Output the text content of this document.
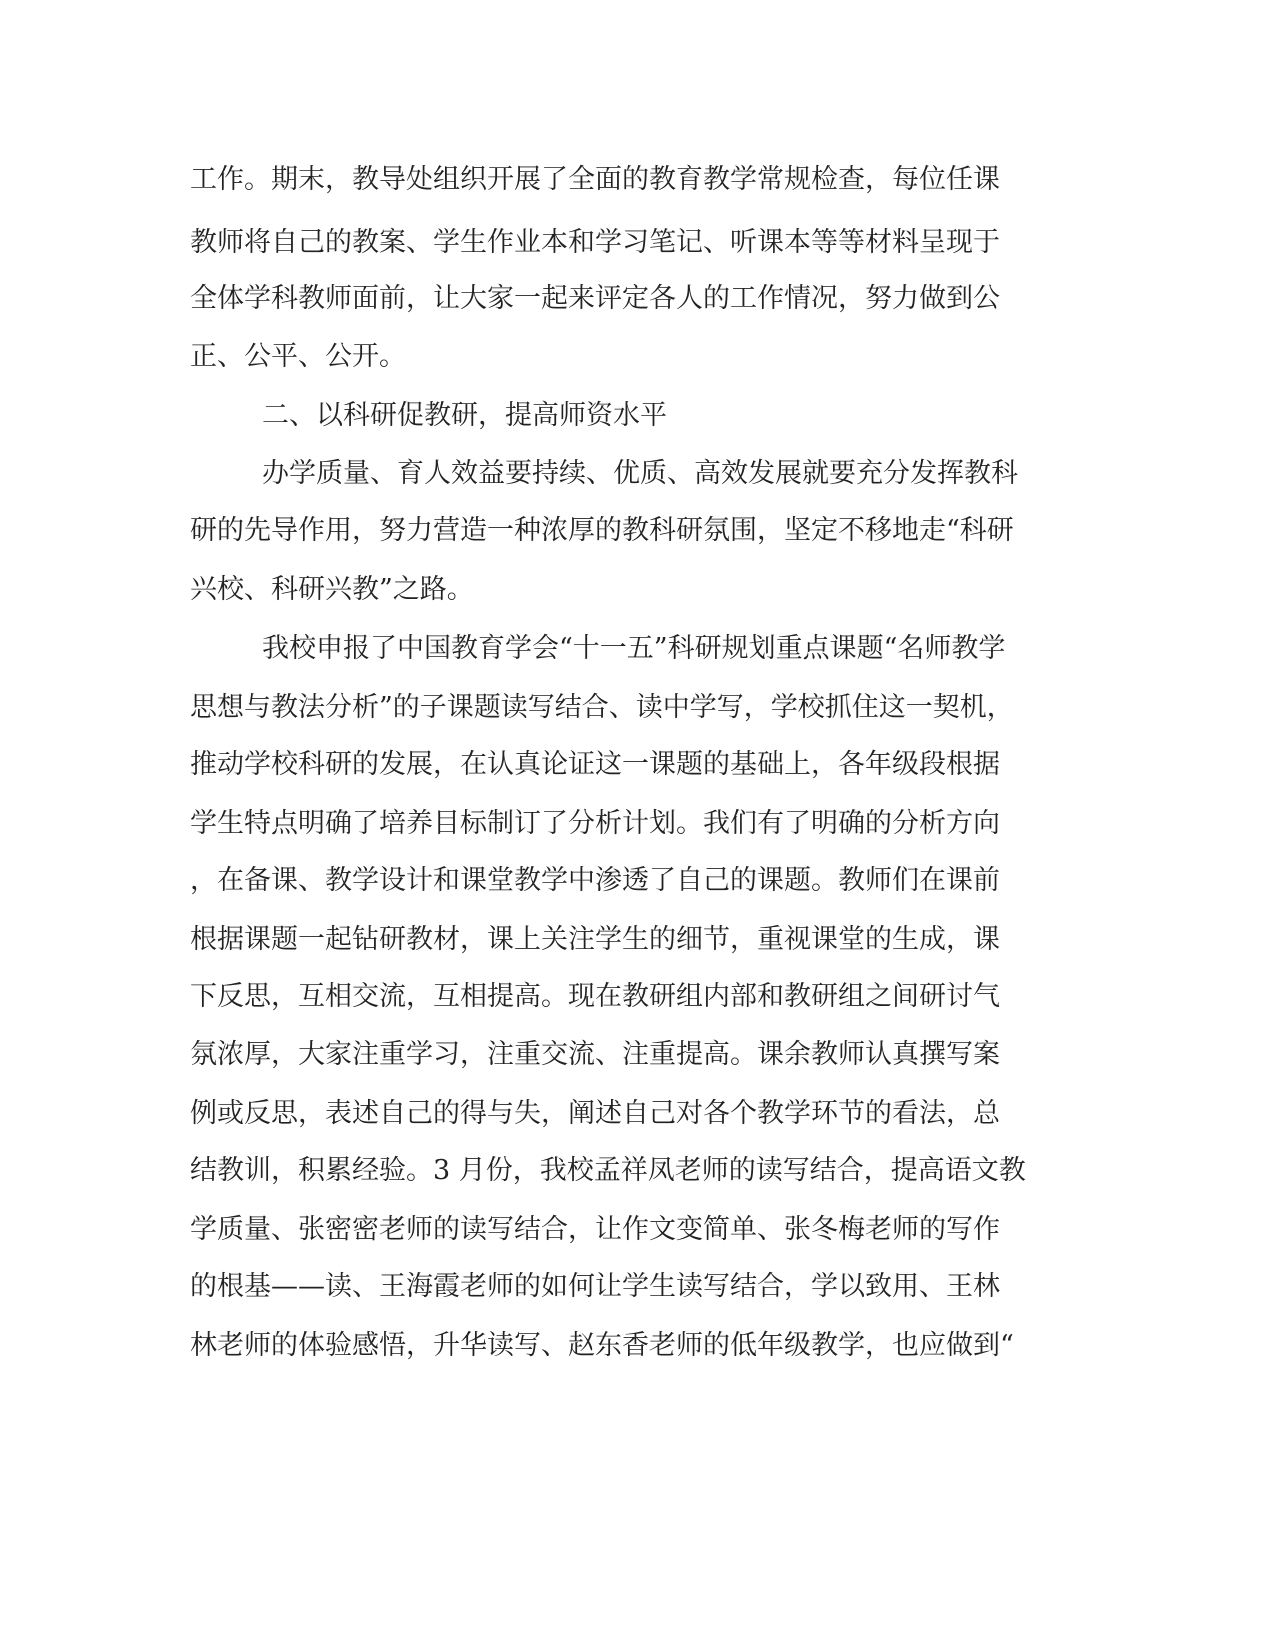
工作。期末，教导处组织开展了全面的教育教学常规检查，每位任课
教师将自己的教案、学生作业本和学习笔记、听课本等等材料呈现于
全体学科教师面前，让大家一起来评定各人的工作情况，努力做到公
正、公平、公开。
二、以科研促教研，提高师资水平
办学质量、育人效益要持续、优质、高效发展就要充分发挥教科
研的先导作用，努力营造一种浓厚的教科研氛围，坚定不移地走“科研
兴校、科研兴教”之路。
我校申报了中国教育学会“十一五”科研规划重点课题“名师教学
思想与教法分析”的子课题读写结合、读中学写，学校抓住这一契机，
推动学校科研的发展，在认真论证这一课题的基础上，各年级段根据
学生特点明确了培养目标制订了分析计划。我们有了明确的分析方向
，在备课、教学设计和课堂教学中渗透了自己的课题。教师们在课前
根据课题一起钻研教材，课上关注学生的细节，重视课堂的生成，课
下反思，互相交流，互相提高。现在教研组内部和教研组之间研讨气
氛浓厚，大家注重学习，注重交流、注重提高。课余教师认真撰写案
例或反思，表述自己的得与失，阐述自己对各个教学环节的看法，总
结教训，积累经验。3 月份，我校孟祥凤老师的读写结合，提高语文教
学质量、张密密老师的读写结合，让作文变简单、张冬梅老师的写作
的根基——读、王海霞老师的如何让学生读写结合，学以致用、王林
林老师的体验感悟，升华读写、赵东香老师的低年级教学，也应做到“
